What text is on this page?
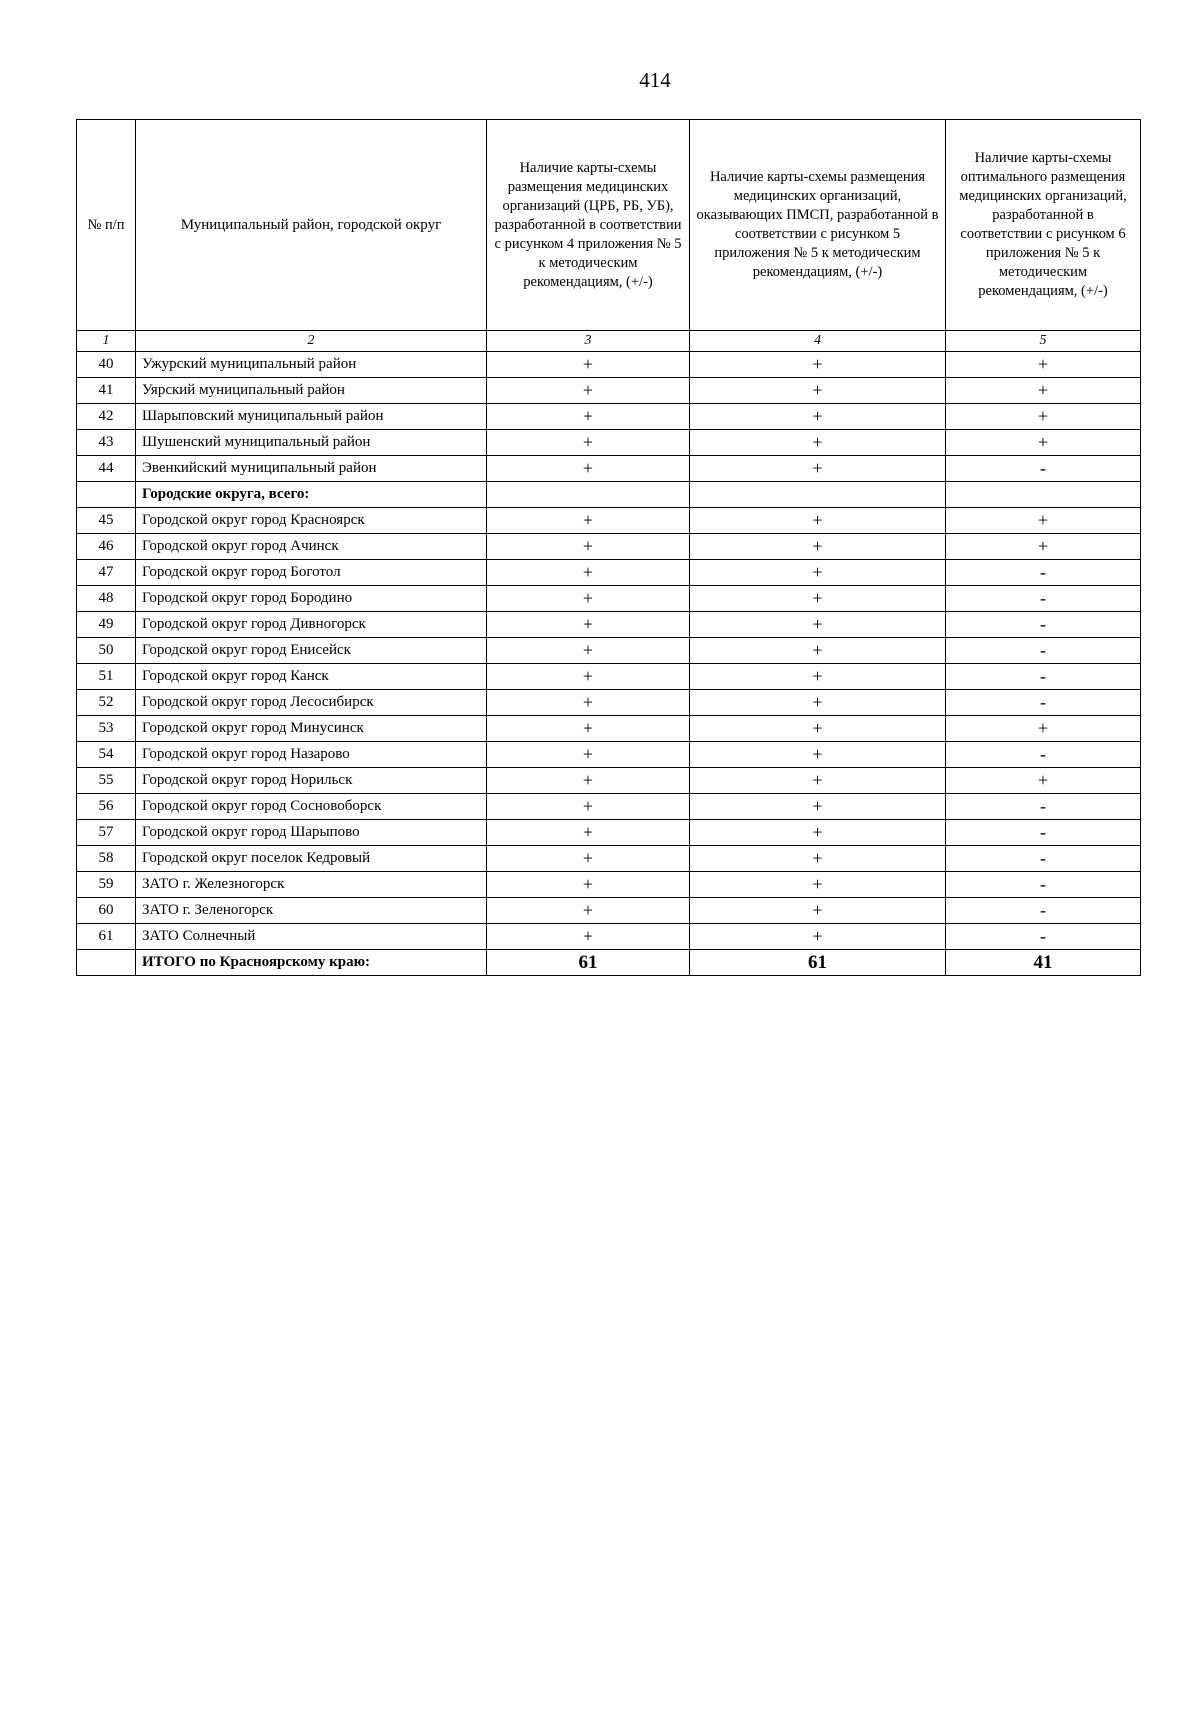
414
№ п/п	Муниципальный район, городской округ	Наличие карты-схемы размещения медицинских организаций (ЦРБ, РБ, УБ), разработанной в соответствии с рисунком 4 приложения № 5 к методическим рекомендациям, (+/-)	Наличие карты-схемы размещения медицинских организаций, оказывающих ПМСП, разработанной в соответствии с рисунком 5 приложения № 5 к методическим рекомендациям, (+/-)	Наличие карты-схемы оптимального размещения медицинских организаций, разработанной в соответствии с рисунком 6 приложения № 5 к методическим рекомендациям, (+/-)
1	2	3	4	5
40	Ужурский муниципальный район	+	+	+
41	Уярский муниципальный район	+	+	+
42	Шарыповский муниципальный район	+	+	+
43	Шушенский муниципальный район	+	+	+
44	Эвенкийский муниципальный район	+	+	-
	Городские округа, всего:			
45	Городской округ город Красноярск	+	+	+
46	Городской округ город Ачинск	+	+	+
47	Городской округ город Боготол	+	+	-
48	Городской округ город Бородино	+	+	-
49	Городской округ город Дивногорск	+	+	-
50	Городской округ город Енисейск	+	+	-
51	Городской округ город Канск	+	+	-
52	Городской округ город Лесосибирск	+	+	-
53	Городской округ город Минусинск	+	+	+
54	Городской округ город Назарово	+	+	-
55	Городской округ город Норильск	+	+	+
56	Городской округ город Сосновоборск	+	+	-
57	Городской округ город Шарыпово	+	+	-
58	Городской округ поселок Кедровый	+	+	-
59	ЗАТО г. Железногорск	+	+	-
60	ЗАТО г. Зеленогорск	+	+	-
61	ЗАТО Солнечный	+	+	-
	ИТОГО по Красноярскому краю:	61	61	41
